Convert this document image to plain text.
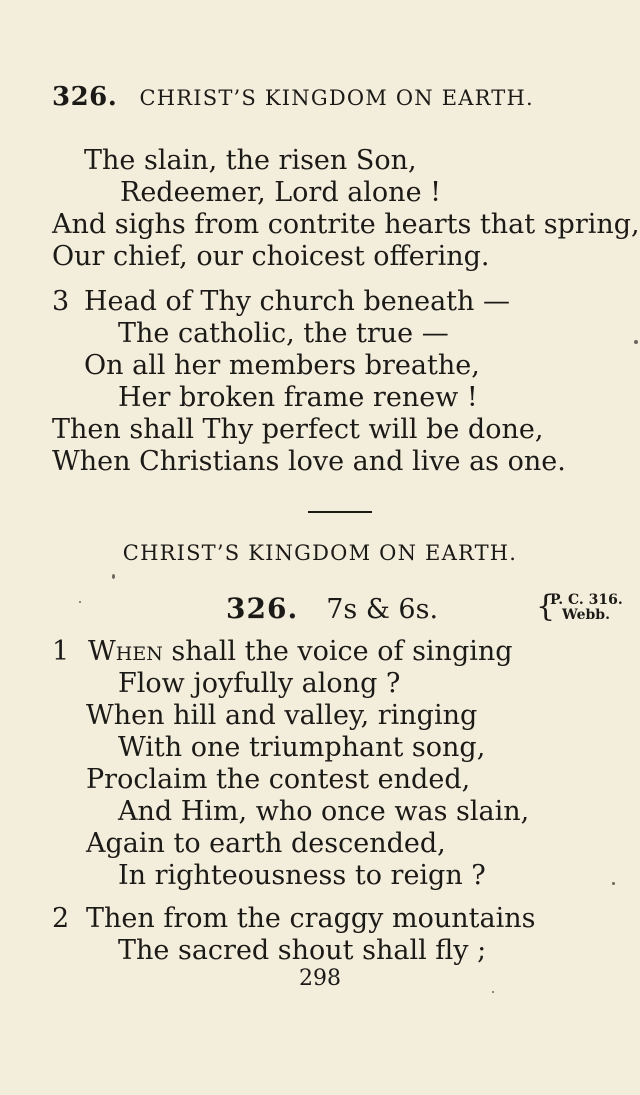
326. CHRIST’S KINGDOM ON EARTH.
The slain, the risen Son,
Redeemer, Lord alone !
And sighs from contrite hearts that spring,
Our chief, our choicest offering.
3 Head of Thy church beneath —
The catholic, the true —
On all her members breathe,
Her broken frame renew !
Then shall Thy perfect will be done,
When Christians love and live as one.
CHRIST’S KINGDOM ON EARTH.
326. 7s & 6s.	{
P. C. 316.
Webb.
1 When shall the voice of singing
Flow joyfully along ?
When hill and valley, ringing
With one triumphant song,
Proclaim the contest ended,
And Him, who once was slain,
Again to earth descended,
In righteousness to reign ?
2 Then from the craggy mountains
The sacred shout shall fly ;
298
